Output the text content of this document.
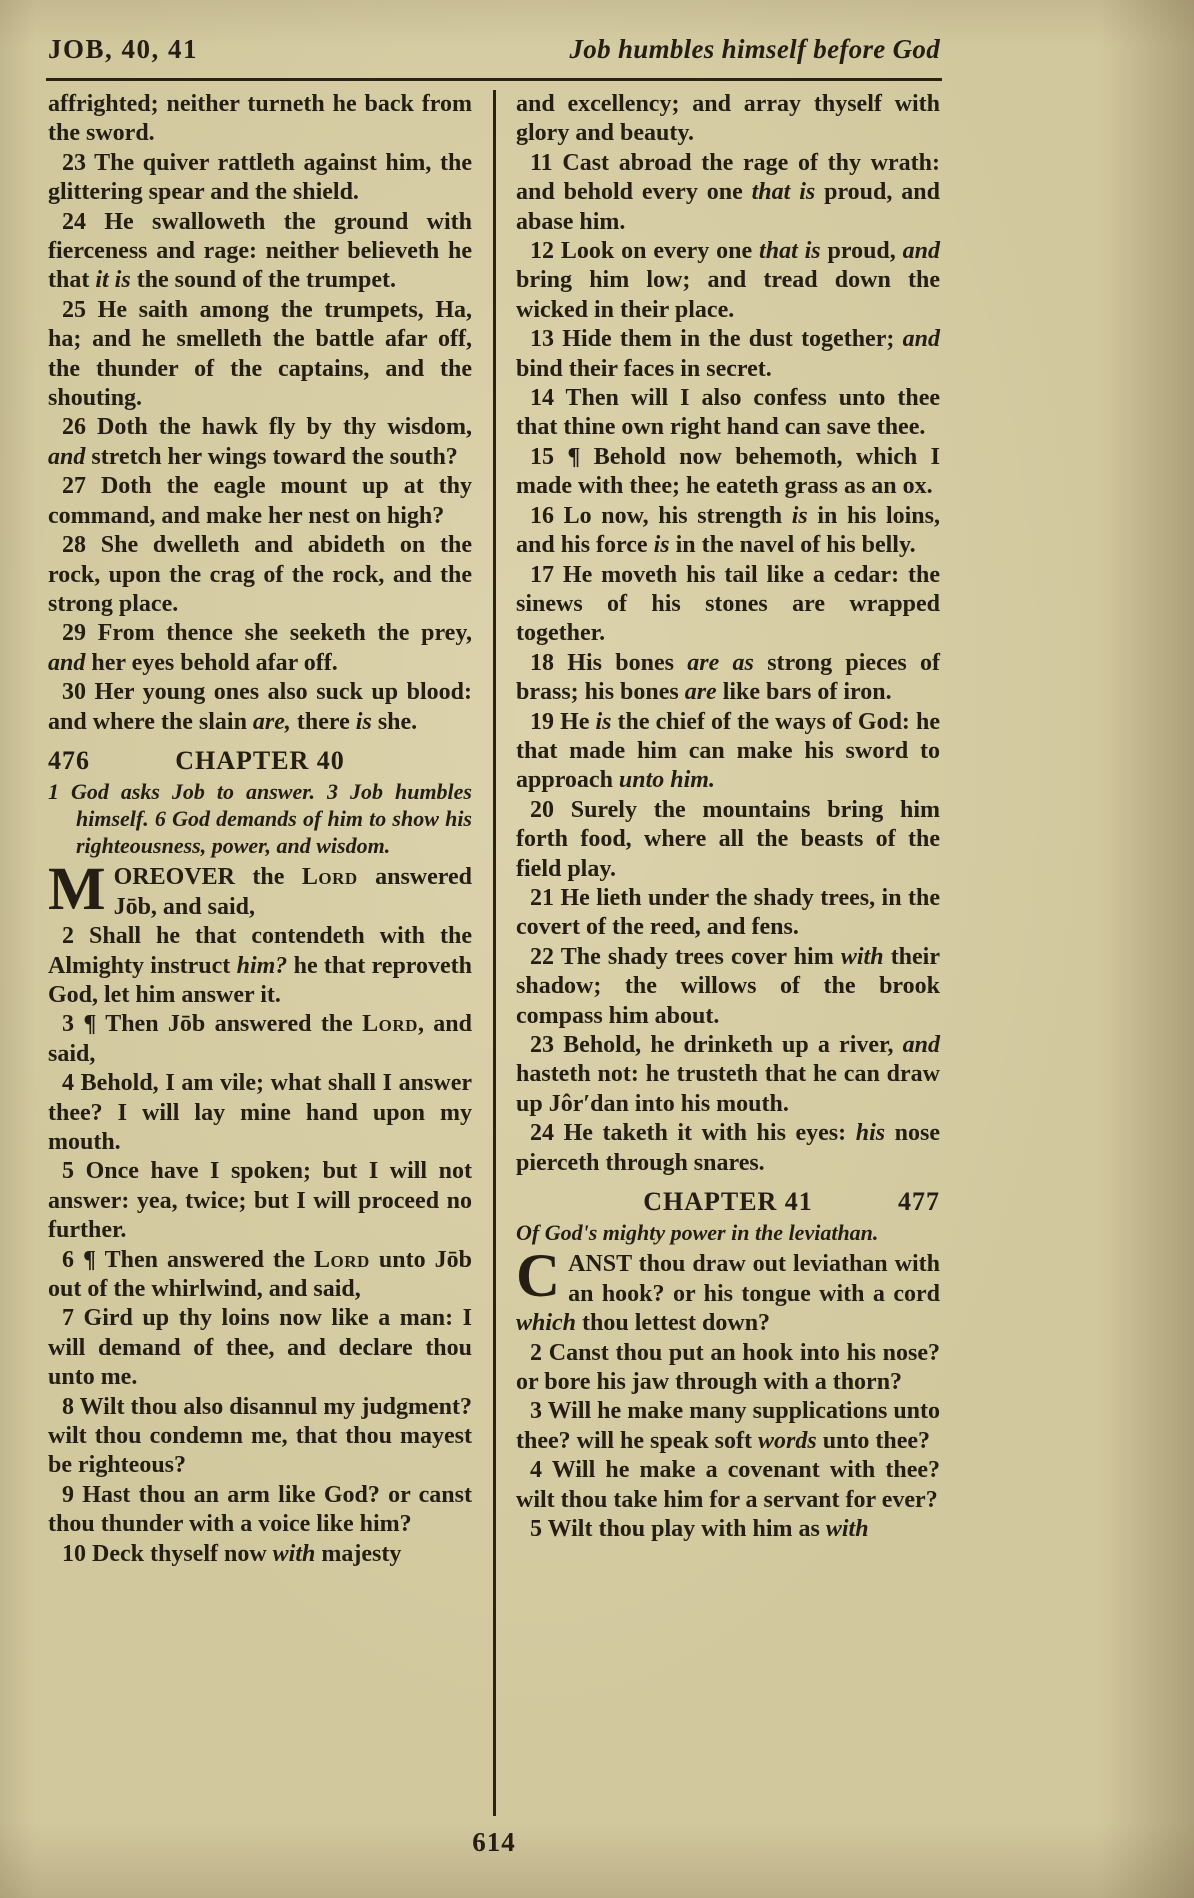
JOB, 40, 41	Job humbles himself before God

affrighted; neither turneth he back from the sword.

23 The quiver rattleth against him, the glittering spear and the shield.

24 He swalloweth the ground with fierceness and rage: neither believeth he that it is the sound of the trumpet.

25 He saith among the trumpets, Ha, ha; and he smelleth the battle afar off, the thunder of the captains, and the shouting.

26 Doth the hawk fly by thy wisdom, and stretch her wings toward the south?

27 Doth the eagle mount up at thy command, and make her nest on high?

28 She dwelleth and abideth on the rock, upon the crag of the rock, and the strong place.

29 From thence she seeketh the prey, and her eyes behold afar off.

30 Her young ones also suck up blood: and where the slain are, there is she.

476	CHAPTER 40

1 God asks Job to answer. 3 Job humbles himself. 6 God demands of him to show his righteousness, power, and wisdom.

MOREOVER the Lord answered Jōb, and said,

2 Shall he that contendeth with the Almighty instruct him? he that reproveth God, let him answer it.

3 ¶ Then Jōb answered the Lord, and said,

4 Behold, I am vile; what shall I answer thee? I will lay mine hand upon my mouth.

5 Once have I spoken; but I will not answer: yea, twice; but I will proceed no further.

6 ¶ Then answered the Lord unto Jōb out of the whirlwind, and said,

7 Gird up thy loins now like a man: I will demand of thee, and declare thou unto me.

8 Wilt thou also disannul my judgment? wilt thou condemn me, that thou mayest be righteous?

9 Hast thou an arm like God? or canst thou thunder with a voice like him?

10 Deck thyself now with majesty

and excellency; and array thyself with glory and beauty.

11 Cast abroad the rage of thy wrath: and behold every one that is proud, and abase him.

12 Look on every one that is proud, and bring him low; and tread down the wicked in their place.

13 Hide them in the dust together; and bind their faces in secret.

14 Then will I also confess unto thee that thine own right hand can save thee.

15 ¶ Behold now behemoth, which I made with thee; he eateth grass as an ox.

16 Lo now, his strength is in his loins, and his force is in the navel of his belly.

17 He moveth his tail like a cedar: the sinews of his stones are wrapped together.

18 His bones are as strong pieces of brass; his bones are like bars of iron.

19 He is the chief of the ways of God: he that made him can make his sword to approach unto him.

20 Surely the mountains bring him forth food, where all the beasts of the field play.

21 He lieth under the shady trees, in the covert of the reed, and fens.

22 The shady trees cover him with their shadow; the willows of the brook compass him about.

23 Behold, he drinketh up a river, and hasteth not: he trusteth that he can draw up Jôr′dan into his mouth.

24 He taketh it with his eyes: his nose pierceth through snares.

CHAPTER 41	477

Of God's mighty power in the leviathan.

CANST thou draw out leviathan with an hook? or his tongue with a cord which thou lettest down?

2 Canst thou put an hook into his nose? or bore his jaw through with a thorn?

3 Will he make many supplications unto thee? will he speak soft words unto thee?

4 Will he make a covenant with thee? wilt thou take him for a servant for ever?

5 Wilt thou play with him as with

614
